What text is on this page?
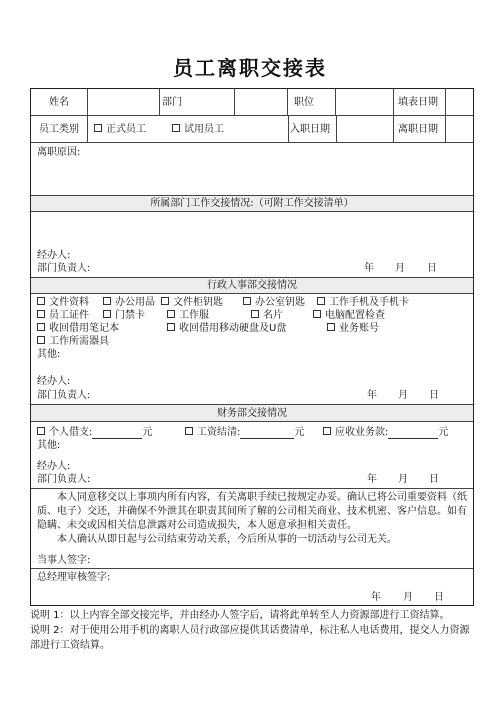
员工离职交接表
姓名	部门	职位	填表日期
员工类别	正式员工	试用员工	入职日期	离职日期
离职原因:
所属部门工作交接情况:（可附工作交接清单）
经办人:
部门负责人:	年 月 日
行政人事部交接情况
文件资料	办公用品	文件柜钥匙	办公室钥匙	工作手机及手机卡
员工证件	门禁卡	工作服	名片	电脑配置检查
收回借用笔记本	收回借用移动硬盘及U盘	业务账号
工作所需器具
其他:
经办人:
部门负责人:	年 月 日
财务部交接情况
个人借支:	元	工资结清:	元	应收业务款:	元
其他:
经办人:
部门负责人:	年 月 日
本人同意移交以上事项内所有内容，有关离职手续已按规定办妥。确认已将公司重要资料（纸质、电子）交还，并确保不外泄其在职责其间所了解的公司相关商业、技术机密、客户信息。如有隐瞒、未交或因相关信息泄露对公司造成损失，本人愿意承担相关责任。
本人确认从即日起与公司结束劳动关系，今后所从事的一切活动与公司无关。
当事人签字:
总经理审核签字:
年 月 日
说明 1：以上内容全部交接完毕，并由经办人签字后，请将此单转至人力资源部进行工资结算。
说明 2：对于使用公用手机的离职人员行政部应提供其话费清单，标注私人电话费用，提交人力资源部进行工资结算。
